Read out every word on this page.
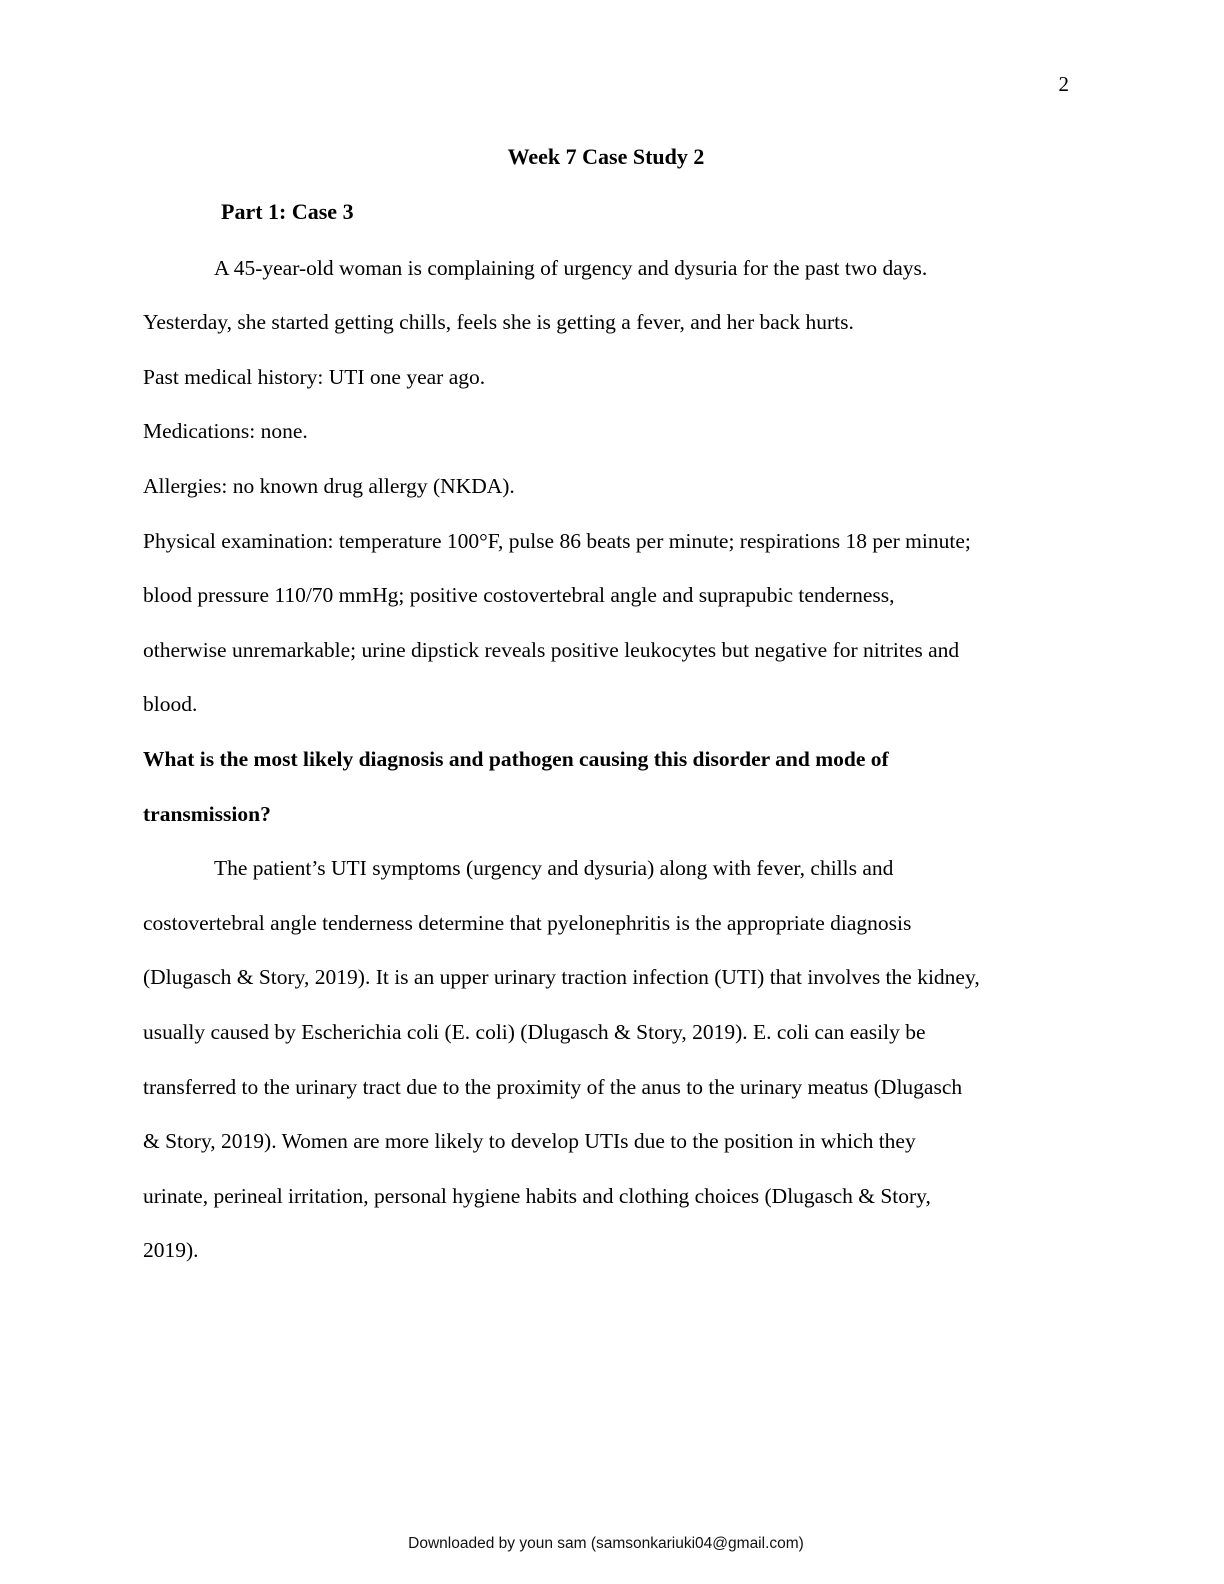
2
Week 7 Case Study 2
Part 1: Case 3
A 45-year-old woman is complaining of urgency and dysuria for the past two days.
Yesterday, she started getting chills, feels she is getting a fever, and her back hurts.
Past medical history: UTI one year ago.
Medications: none.
Allergies: no known drug allergy (NKDA).
Physical examination: temperature 100°F, pulse 86 beats per minute; respirations 18 per minute;
blood pressure 110/70 mmHg; positive costovertebral angle and suprapubic tenderness,
otherwise unremarkable; urine dipstick reveals positive leukocytes but negative for nitrites and
blood.
What is the most likely diagnosis and pathogen causing this disorder and mode of
transmission?
The patient’s UTI symptoms (urgency and dysuria) along with fever, chills and
costovertebral angle tenderness determine that pyelonephritis is the appropriate diagnosis
(Dlugasch & Story, 2019). It is an upper urinary traction infection (UTI) that involves the kidney,
usually caused by Escherichia coli (E. coli) (Dlugasch & Story, 2019). E. coli can easily be
transferred to the urinary tract due to the proximity of the anus to the urinary meatus (Dlugasch
& Story, 2019). Women are more likely to develop UTIs due to the position in which they
urinate, perineal irritation, personal hygiene habits and clothing choices (Dlugasch & Story,
2019).
Downloaded by youn sam (samsonkariuki04@gmail.com)
